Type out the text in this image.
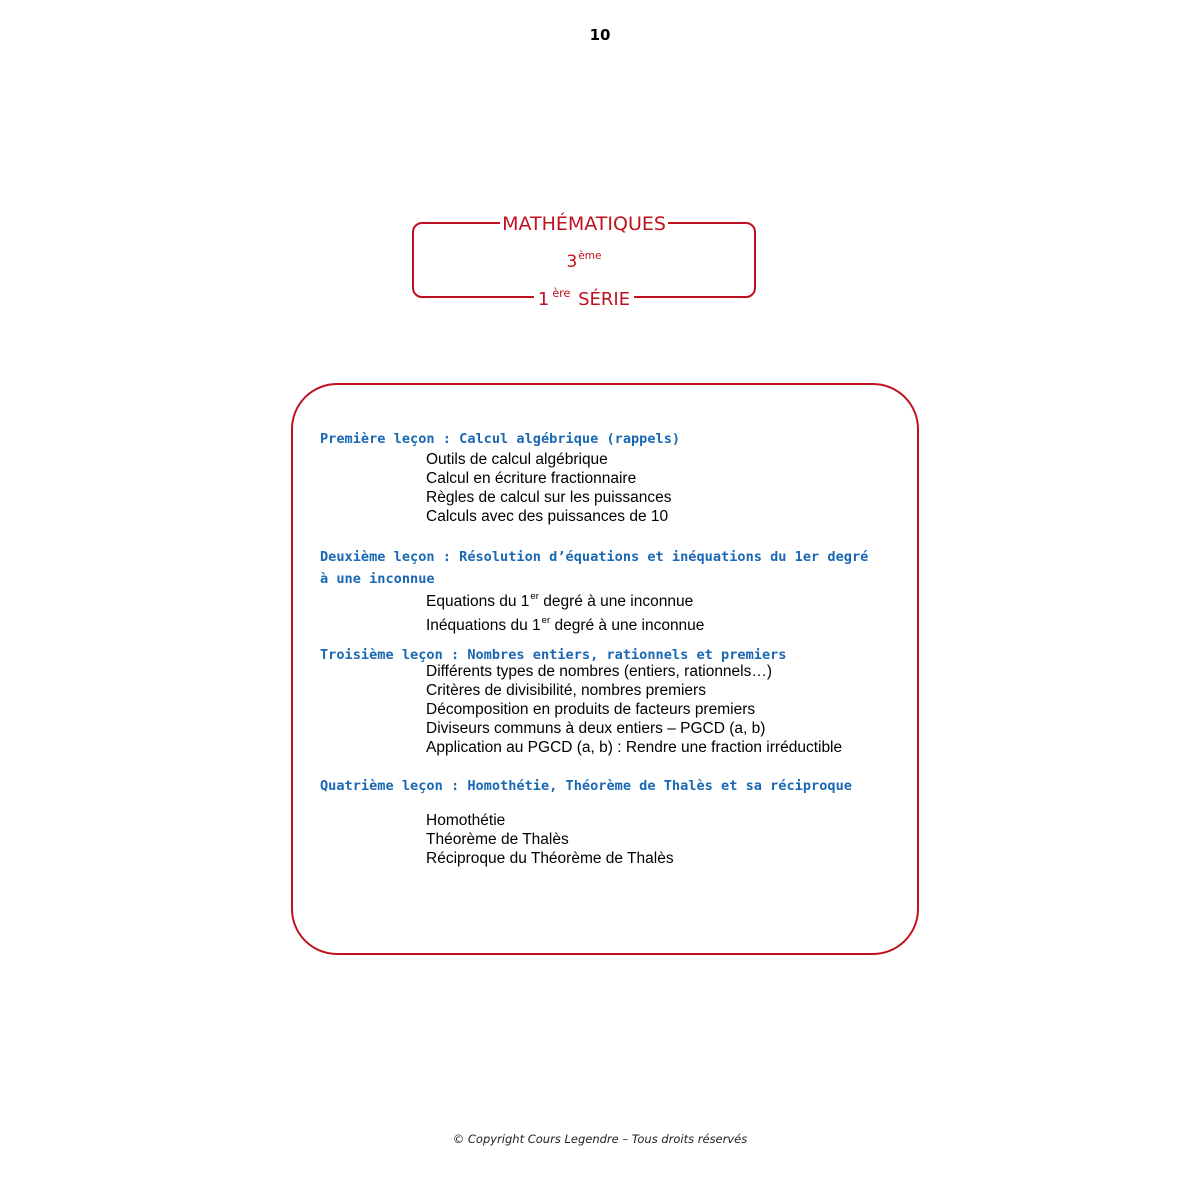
10
MATHÉMATIQUES
3ème
1 $^{ère}$ SÉRIE
Première leçon : Calcul algébrique (rappels)
Outils de calcul algébrique
Calcul en écriture fractionnaire
Règles de calcul sur les puissances
Calculs avec des puissances de 10
Deuxième leçon : Résolution d’équations et inéquations du 1er degré à une inconnue
Equations du 1er degré à une inconnue
Inéquations du 1er degré à une inconnue
Troisième leçon : Nombres entiers, rationnels et premiers
Différents types de nombres (entiers, rationnels…)
Critères de divisibilité, nombres premiers
Décomposition en produits de facteurs premiers
Diviseurs communs à deux entiers – PGCD (a, b)
Application au PGCD (a, b) : Rendre une fraction irréductible
Quatrième leçon : Homothétie, Théorème de Thalès et sa réciproque
Homothétie
Théorème de Thalès
Réciproque du Théorème de Thalès
© Copyright Cours Legendre – Tous droits réservés
